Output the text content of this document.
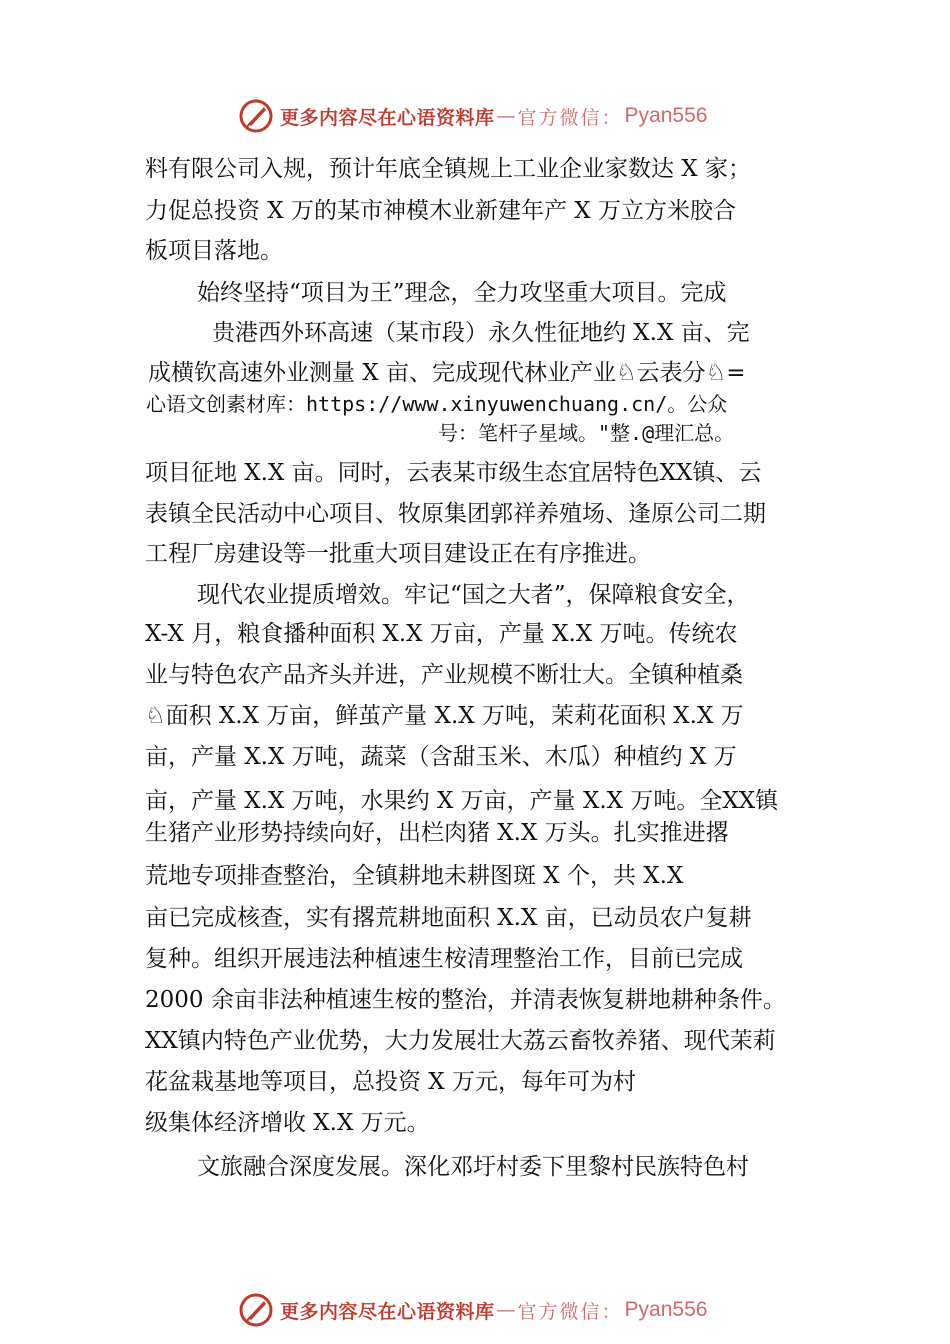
更多内容尽在心语资料库 — 官方微信： Pyan556
料有限公司入规，预计年底全镇规上工业企业家数达 X 家；
力促总投资 X 万的某市神模木业新建年产 X 万立方米胶合
板项目落地。
始终坚持“项目为王”理念，全力攻坚重大项目。完成
贵港西外环高速（某市段）永久性征地约 X.X 亩、完
成横钦高速外业测量 X 亩、完成现代林业产业♘云表分♘=
心语文创素材库：https://www.xinyuwenchuang.cn/。公众
号：笔杆子星域。"整.@理汇总。
项目征地 X.X 亩。同时，云表某市级生态宜居特色XX镇、云
表镇全民活动中心项目、牧原集团郭祥养殖场、逢原公司二期
工程厂房建设等一批重大项目建设正在有序推进。
现代农业提质增效。牢记“国之大者”，保障粮食安全，
X-X 月，粮食播种面积 X.X 万亩，产量 X.X 万吨。传统农
业与特色农产品齐头并进，产业规模不断壮大。全镇种植桑
♘面积 X.X 万亩，鲜茧产量 X.X 万吨，茉莉花面积 X.X 万
亩，产量 X.X 万吨，蔬菜（含甜玉米、木瓜）种植约 X 万
亩，产量 X.X 万吨，水果约 X 万亩，产量 X.X 万吨。全XX镇
生猪产业形势持续向好，出栏肉猪 X.X 万头。扎实推进撂
荒地专项排查整治，全镇耕地未耕图斑 X 个，共 X.X
亩已完成核查，实有撂荒耕地面积 X.X 亩，已动员农户复耕
复种。组织开展违法种植速生桉清理整治工作，目前已完成
2000 余亩非法种植速生桉的整治，并清表恢复耕地耕种条件。
XX镇内特色产业优势，大力发展壮大荔云畜牧养猪、现代茉莉
花盆栽基地等项目，总投资 X 万元，每年可为村
级集体经济增收 X.X 万元。
文旅融合深度发展。深化邓圩村委下里黎村民族特色村
更多内容尽在心语资料库 — 官方微信： Pyan556
